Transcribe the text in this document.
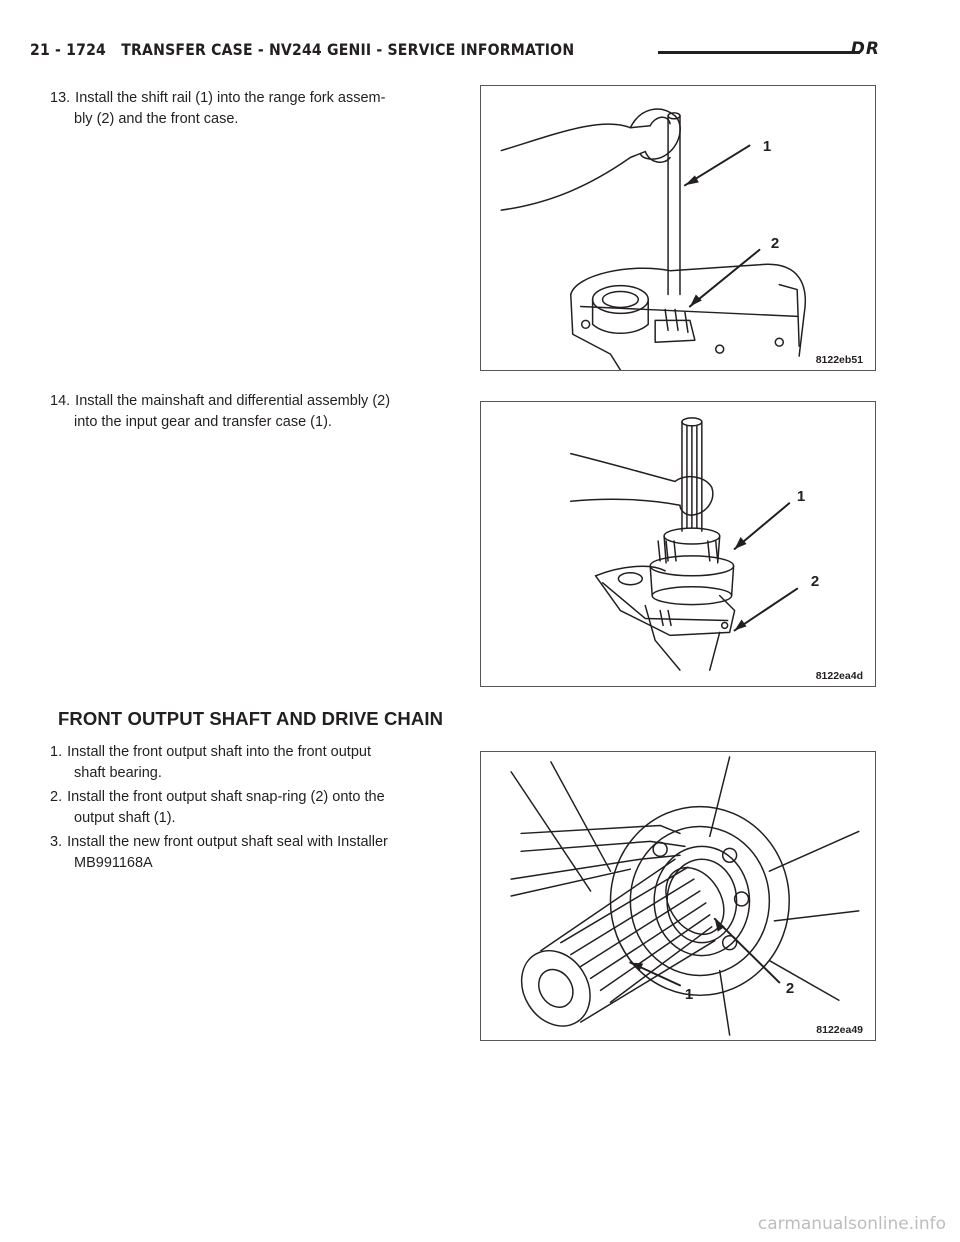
21 - 1724 TRANSFER CASE - NV244 GENII - SERVICE INFORMATION	DR
13. Install the shift rail (1) into the range fork assem-
bly (2) and the front case.
1
2
8122eb51
14. Install the mainshaft and differential assembly (2)
into the input gear and transfer case (1).
1
2
8122ea4d
FRONT OUTPUT SHAFT AND DRIVE CHAIN
1. Install the front output shaft into the front output
shaft bearing.
2. Install the front output shaft snap-ring (2) onto the
output shaft (1).
3. Install the new front output shaft seal with Installer
MB991168A
1	2
8122ea49
carmanualsonline.info
